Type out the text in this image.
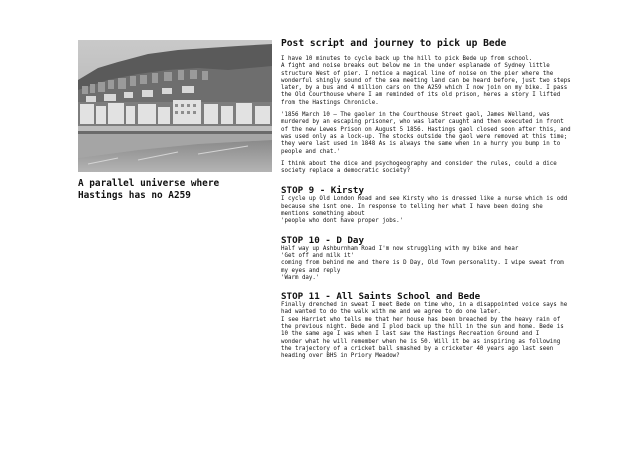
A parallel universe where
Hastings has no A259

Post script and journey to pick up Bede

I have 10 minutes to cycle back up the hill to pick Bede up from school.
A fight and noise breaks out below me in the under esplanade of Sydney little
structure West of pier. I notice a magical line of noise on the pier where the
wonderful shingly sound of the sea meeting land can be heard before, just two steps
later, by a bus and 4 million cars on the A259 which I now join on my bike. I pass
the Old Courthouse where I am reminded of its old prison, heres a story I lifted
from the Hastings Chronicle.

'1856 March 10 – The gaoler in the Courthouse Street gaol, James Welland, was
murdered by an escaping prisoner, who was later caught and then executed in front
of the new Lewes Prison on August 5 1856. Hastings gaol closed soon after this, and
was used only as a lock-up. The stocks outside the gaol were removed at this time;
they were last used in 1848 As is always the same when in a hurry you bump in to
people and chat.'

I think about the dice and psychogeography and consider the rules, could a dice
society replace a democratic society?

STOP 9 - Kirsty

I cycle up Old London Road and see Kirsty who is dressed like a nurse which is odd
because she isnt one. In response to telling her what I have been doing she
mentions something about
'people who dont have proper jobs.'

STOP 10 - D Day

Half way up Ashburnham Road I'm now struggling with my bike and hear
'Get off and milk it'
coming from behind me and there is D Day, Old Town personality. I wipe sweat from
my eyes and reply
'Warm day.'

STOP 11 - All Saints School and Bede

Finally drenched in sweat I meet Bede on time who, in a disappointed voice says he
had wanted to do the walk with me and we agree to do one later.
I see Harriet who tells me that her house has been breached by the heavy rain of
the previous night. Bede and I plod back up the hill in the sun and home. Bede is
10 the same age I was when I last saw the Hastings Recreation Ground and I
wonder what he will remember when he is 50. Will it be as inspiring as following
the trajectory of a cricket ball smashed by a cricketer 40 years ago last seen
heading over BHS in Priory Meadow?
